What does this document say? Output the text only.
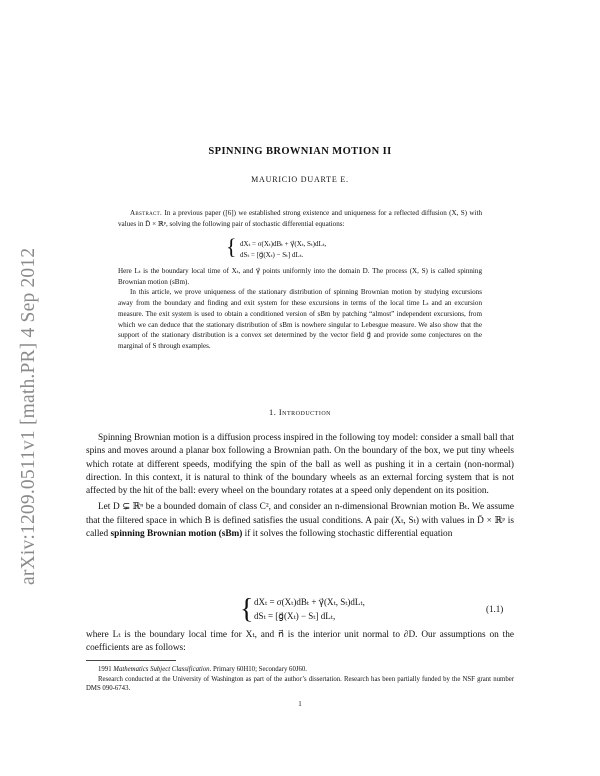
arXiv:1209.0511v1 [math.PR] 4 Sep 2012
SPINNING BROWNIAN MOTION II
MAURICIO DUARTE E.

Abstract. In a previous paper ([6]) we established strong existence and uniqueness for a reflected diffusion (X, S) with values in D̄ × ℝᵖ, solving the following pair of stochastic differential equations:

{ dXₜ = σ(Xₜ)dBₜ + γ⃗(Xₜ, Sₜ)dLₜ,
dSₜ = [g⃗(Xₜ) − Sₜ] dLₜ.

Here Lₜ is the boundary local time of Xₜ, and γ⃗ points uniformly into the domain D. The process (X, S) is called spinning Brownian motion (sBm).

In this article, we prove uniqueness of the stationary distribution of spinning Brownian motion by studying excursions away from the boundary and finding and exit system for these excursions in terms of the local time Lₜ and an excursion measure. The exit system is used to obtain a conditioned version of sBm by patching “almost” independent excursions, from which we can deduce that the stationary distribution of sBm is nowhere singular to Lebesgue measure. We also show that the support of the stationary distribution is a convex set determined by the vector field g⃗ and provide some conjectures on the marginal of S through examples.

1. Introduction

Spinning Brownian motion is a diffusion process inspired in the following toy model: consider a small ball that spins and moves around a planar box following a Brownian path. On the boundary of the box, we put tiny wheels which rotate at different speeds, modifying the spin of the ball as well as pushing it in a certain (non-normal) direction. In this context, it is natural to think of the boundary wheels as an external forcing system that is not affected by the hit of the ball: every wheel on the boundary rotates at a speed only dependent on its position.

Let D ⊊ ℝⁿ be a bounded domain of class C², and consider an n-dimensional Brownian motion Bₜ. We assume that the filtered space in which B is defined satisfies the usual conditions. A pair (Xₜ, Sₜ) with values in D̄ × ℝᵖ is called spinning Brownian motion (sBm) if it solves the following stochastic differential equation

{ dXₜ = σ(Xₜ)dBₜ + γ⃗(Xₜ, Sₜ)dLₜ,
dSₜ = [g⃗(Xₜ) − Sₜ] dLₜ,
(1.1)

where Lₜ is the boundary local time for Xₜ, and n⃗ is the interior unit normal to ∂D. Our assumptions on the coefficients are as follows:

1991 Mathematics Subject Classification. Primary 60H10; Secondary 60J60.

Research conducted at the University of Washington as part of the author’s dissertation. Research has been partially funded by the NSF grant number DMS 090-6743.

1
